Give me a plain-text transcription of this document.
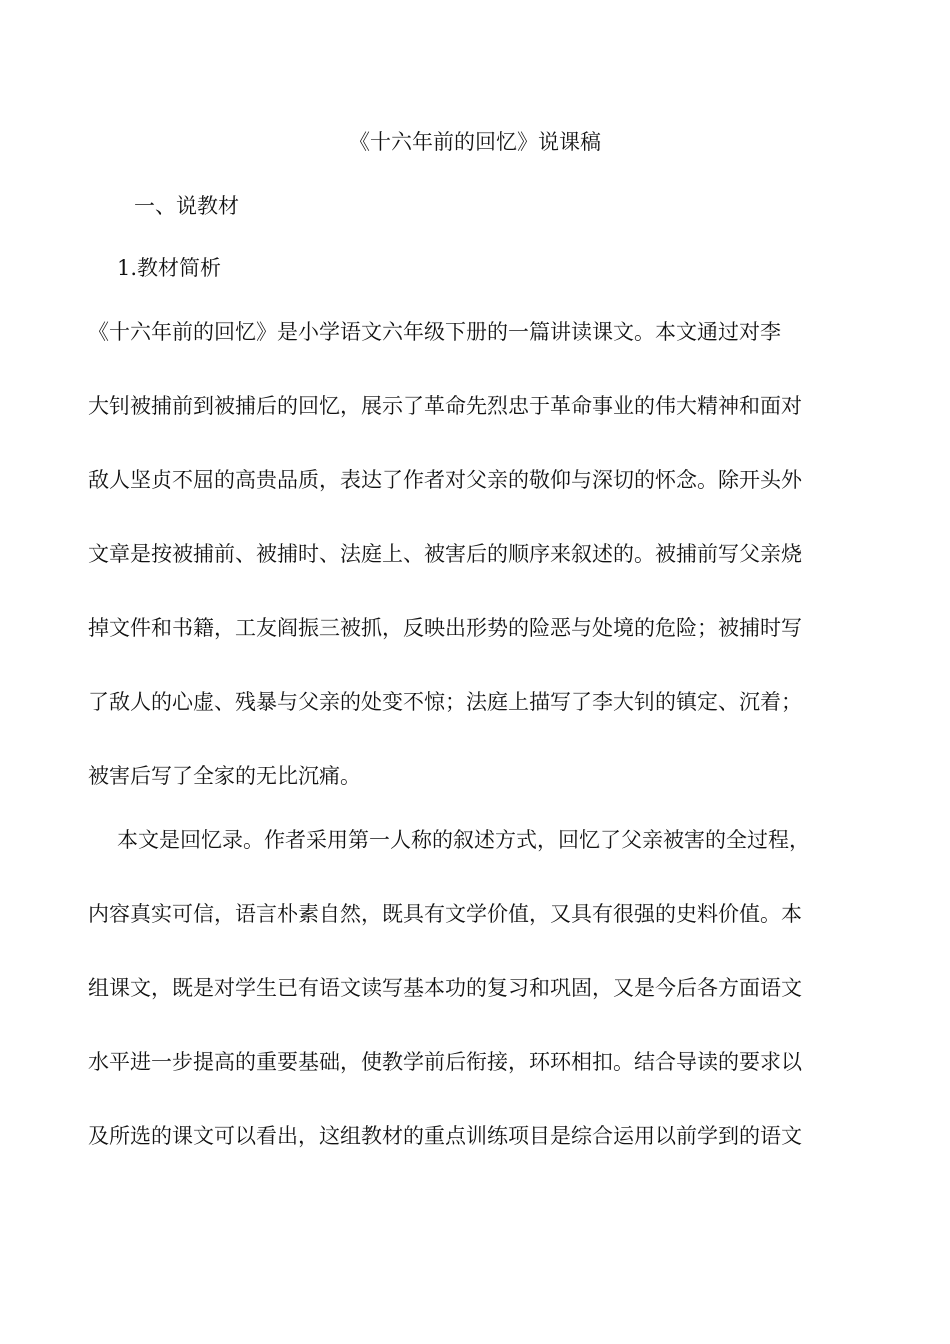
《十六年前的回忆》说课稿
一、说教材
1.教材简析

《十六年前的回忆》是小学语文六年级下册的一篇讲读课文。本文通过对李

大钊被捕前到被捕后的回忆，展示了革命先烈忠于革命事业的伟大精神和面对

敌人坚贞不屈的高贵品质，表达了作者对父亲的敬仰与深切的怀念。除开头外

文章是按被捕前、被捕时、法庭上、被害后的顺序来叙述的。被捕前写父亲烧

掉文件和书籍，工友阎振三被抓，反映出形势的险恶与处境的危险；被捕时写

了敌人的心虚、残暴与父亲的处变不惊；法庭上描写了李大钊的镇定、沉着；

被害后写了全家的无比沉痛。

本文是回忆录。作者采用第一人称的叙述方式，回忆了父亲被害的全过程，

内容真实可信，语言朴素自然，既具有文学价值，又具有很强的史料价值。本

组课文，既是对学生已有语文读写基本功的复习和巩固，又是今后各方面语文

水平进一步提高的重要基础，使教学前后衔接，环环相扣。结合导读的要求以

及所选的课文可以看出，这组教材的重点训练项目是综合运用以前学到的语文
